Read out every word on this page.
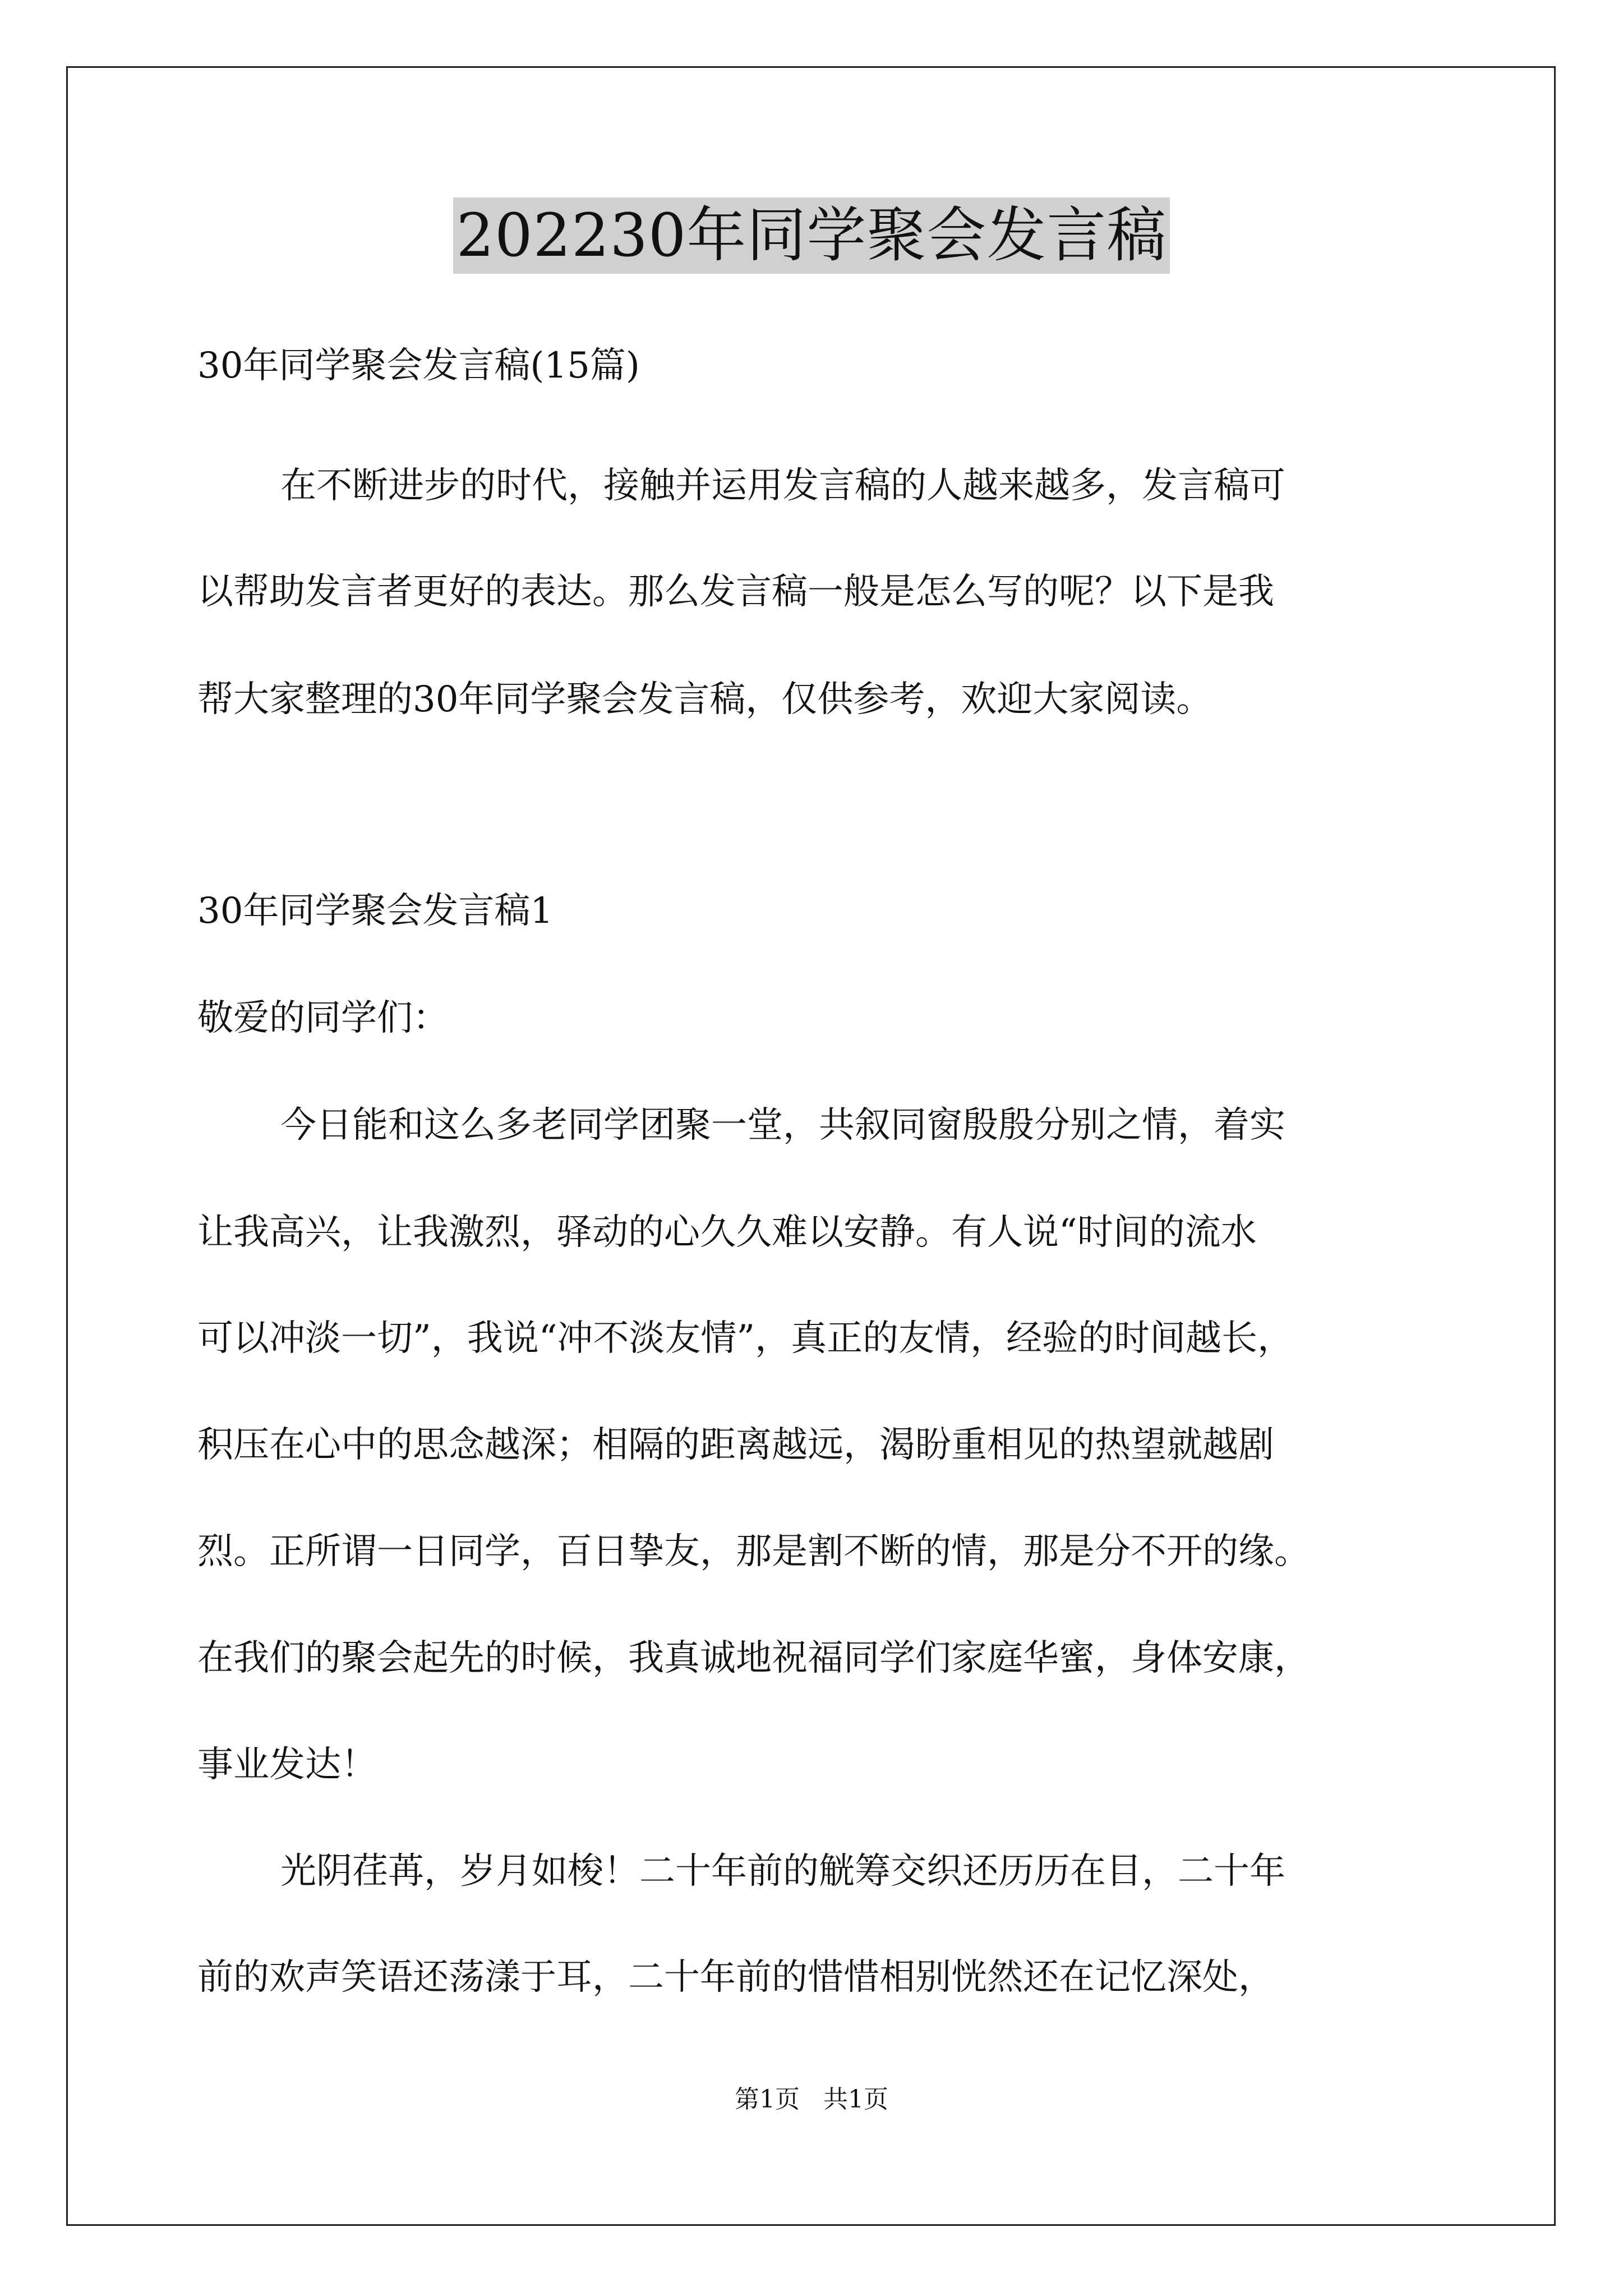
202230年同学聚会发言稿
30年同学聚会发言稿(15篇)
在不断进步的时代，接触并运用发言稿的人越来越多，发言稿可
以帮助发言者更好的表达。那么发言稿一般是怎么写的呢？以下是我
帮大家整理的30年同学聚会发言稿，仅供参考，欢迎大家阅读。
30年同学聚会发言稿1
敬爱的同学们：
今日能和这么多老同学团聚一堂，共叙同窗殷殷分别之情，着实
让我高兴，让我激烈，驿动的心久久难以安静。有人说“时间的流水
可以冲淡一切”，我说“冲不淡友情”，真正的友情，经验的时间越长，
积压在心中的思念越深；相隔的距离越远，渴盼重相见的热望就越剧
烈。正所谓一日同学，百日挚友，那是割不断的情，那是分不开的缘。
在我们的聚会起先的时候，我真诚地祝福同学们家庭华蜜，身体安康，
事业发达！
光阴荏苒，岁月如梭！二十年前的觥筹交织还历历在目，二十年
前的欢声笑语还荡漾于耳，二十年前的惜惜相别恍然还在记忆深处，
第1页   共1页
